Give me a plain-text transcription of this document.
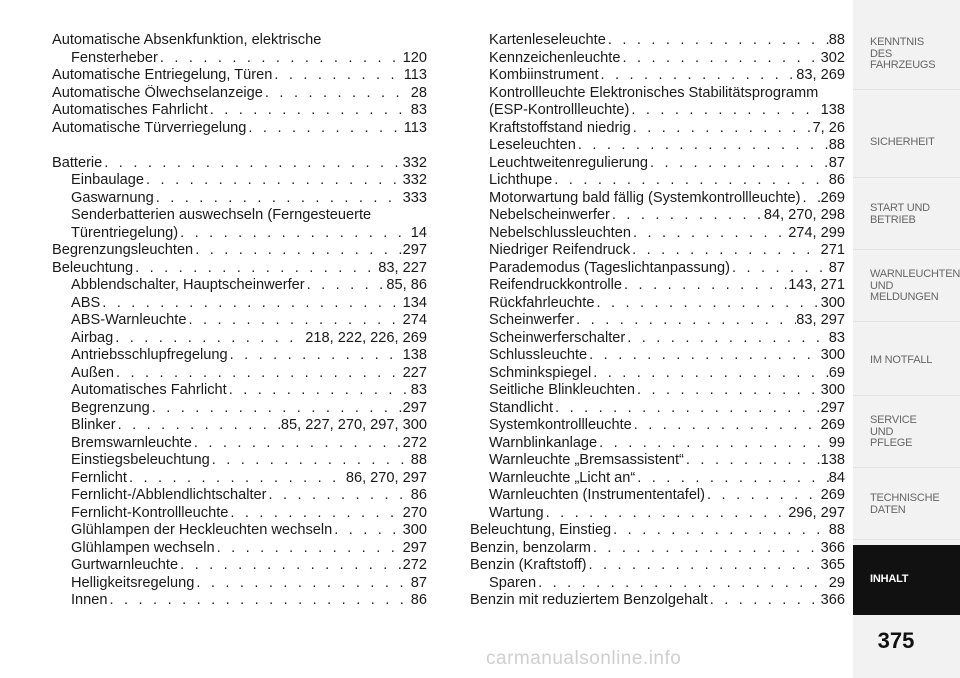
Automatische Absenkfunktion, elektrische
Fensterheber . . .	120
Automatische Entriegelung, Türen . . .	113
Automatische Ölwechselanzeige . . .	28
Automatisches Fahrlicht . . .	83
Automatische Türverriegelung . . .	113
Batterie . . .	332
Einbaulage . . .	332
Gaswarnung . . .	333
Senderbatterien auswechseln (Ferngesteuerte
Türentriegelung) . . .	14
Begrenzungsleuchten . . .	297
Beleuchtung . . .	83, 227
Abblendschalter, Hauptscheinwerfer . . .	85, 86
ABS . . .	134
ABS-Warnleuchte . . .	274
Airbag . . .	218, 222, 226, 269
Antriebsschlupfregelung . . .	138
Außen . . .	227
Automatisches Fahrlicht . . .	83
Begrenzung . . .	297
Blinker . . .	85, 227, 270, 297, 300
Bremswarnleuchte . . .	272
Einstiegsbeleuchtung . . .	88
Fernlicht . . .	86, 270, 297
Fernlicht-/Abblendlichtschalter . . .	86
Fernlicht-Kontrollleuchte . . .	270
Glühlampen der Heckleuchten wechseln . . .	300
Glühlampen wechseln . . .	297
Gurtwarnleuchte . . .	272
Helligkeitsregelung . . .	87
Innen . . .	86
Kartenleseleuchte . . .	88
Kennzeichenleuchte . . .	302
Kombiinstrument . . .	83, 269
Kontrollleuchte Elektronisches Stabilitätsprogramm
(ESP-Kontrollleuchte) . . .	138
Kraftstoffstand niedrig . . .	7, 26
Leseleuchten . . .	88
Leuchtweitenregulierung . . .	87
Lichthupe . . .	86
Motorwartung bald fällig (Systemkontrollleuchte) . . . 269
Nebelscheinwerfer . . .	84, 270, 298
Nebelschlussleuchten . . .	274, 299
Niedriger Reifendruck . . .	271
Parademodus (Tageslichtanpassung) . . .	87
Reifendruckkontrolle . . .	143, 271
Rückfahrleuchte . . .	300
Scheinwerfer . . .	83, 297
Scheinwerferschalter . . .	83
Schlussleuchte . . .	300
Schminkspiegel . . .	69
Seitliche Blinkleuchten . . .	300
Standlicht . . .	297
Systemkontrollleuchte . . .	269
Warnblinkanlage . . .	99
Warnleuchte „Bremsassistent“ . . .	138
Warnleuchte „Licht an“ . . .	84
Warnleuchten (Instrumententafel) . . .	269
Wartung . . .	296, 297
Beleuchtung, Einstieg . . .	88
Benzin, benzolarm . . .	366
Benzin (Kraftstoff) . . .	365
Sparen . . .	29
Benzin mit reduziertem Benzolgehalt . . .	366
KENNTNIS
DES
FAHRZEUGS
SICHERHEIT
START UND
BETRIEB
WARNLEUCHTEN
UND
MELDUNGEN
IM NOTFALL
SERVICE
UND
PFLEGE
TECHNISCHE
DATEN
INHALT
375
carmanualsonline.info
